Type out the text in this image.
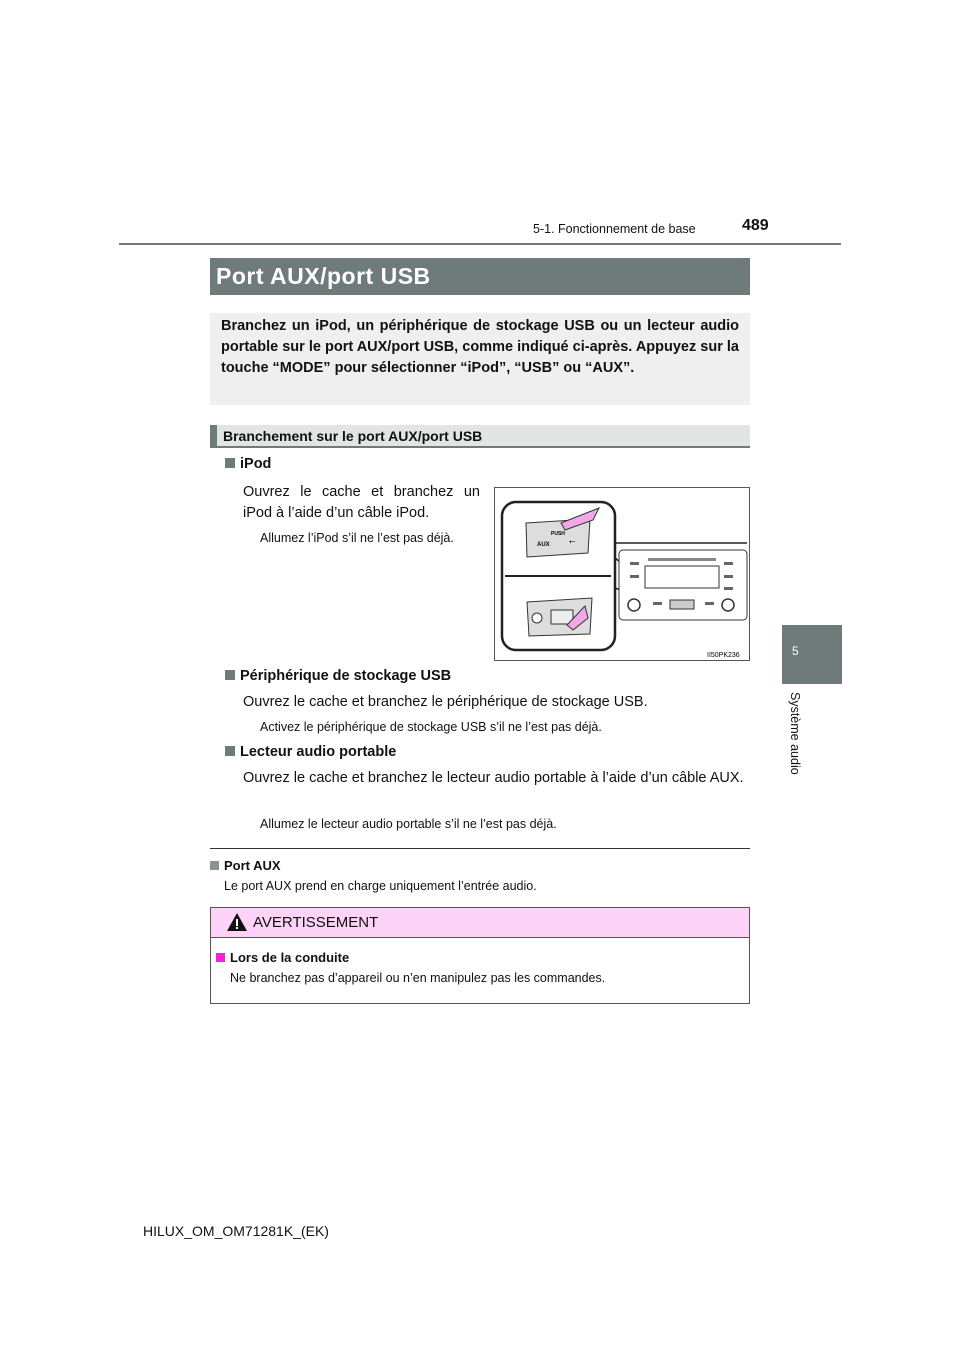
5-1. Fonctionnement de base	489
Port AUX/port USB
Branchez un iPod, un périphérique de stockage USB ou un lecteur audio portable sur le port AUX/port USB, comme indiqué ci-après. Appuyez sur la touche “MODE” pour sélectionner “iPod”, “USB” ou “AUX”.
Branchement sur le port AUX/port USB
iPod
Ouvrez le cache et branchez un iPod à l’aide d’un câble iPod.
Allumez l’iPod s’il ne l’est pas déjà.	PUSH
AUX ⭠
II50PK236
Périphérique de stockage USB
Ouvrez le cache et branchez le périphérique de stockage USB.
Activez le périphérique de stockage USB s’il ne l’est pas déjà.
Lecteur audio portable
Ouvrez le cache et branchez le lecteur audio portable à l’aide d’un câble AUX.
Allumez le lecteur audio portable s’il ne l’est pas déjà.
Port AUX
Le port AUX prend en charge uniquement l’entrée audio.
AVERTISSEMENT
Lors de la conduite
Ne branchez pas d’appareil ou n’en manipulez pas les commandes.
5
Système audio
HILUX_OM_OM71281K_(EK)
